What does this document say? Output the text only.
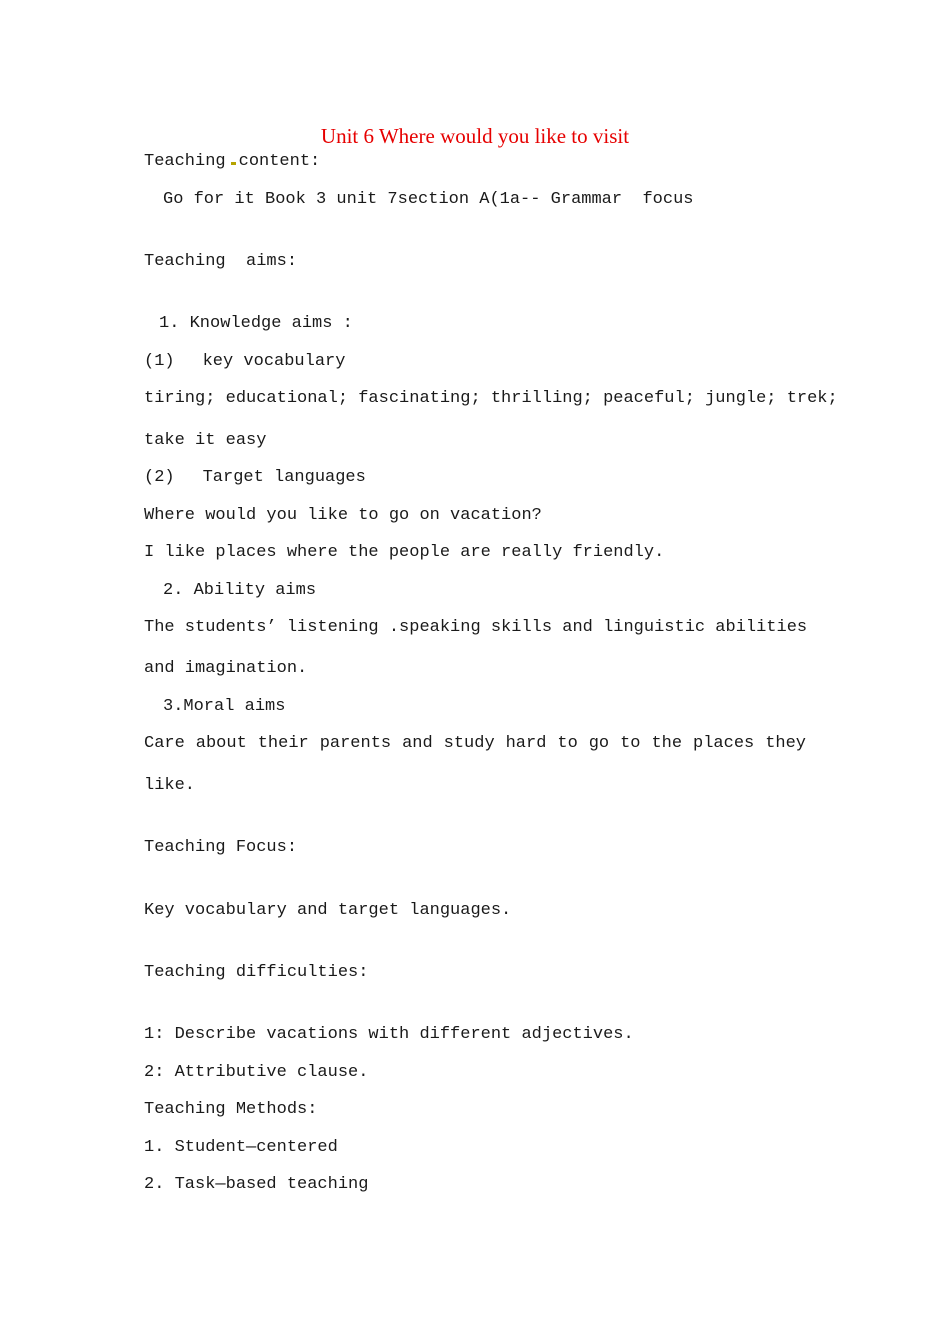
Unit 6 Where would you like to visit
Teaching content:
Go for it Book 3 unit 7section A(1a-- Grammar  focus
Teaching  aims:
1. Knowledge aims :
(1) key vocabulary
tiring; educational; fascinating; thrilling; peaceful; jungle; trek;
take it easy
(2) Target languages
Where would you like to go on vacation?
I like places where the people are really friendly.
2. Ability aims
The students’ listening .speaking skills and linguistic abilities
and imagination.
3.Moral aims
Care about their parents and study hard to go to the places they
like.
Teaching Focus:
Key vocabulary and target languages.
Teaching difficulties:
1: Describe vacations with different adjectives.
2: Attributive clause.
Teaching Methods:
1. Student—centered
2. Task—based teaching
